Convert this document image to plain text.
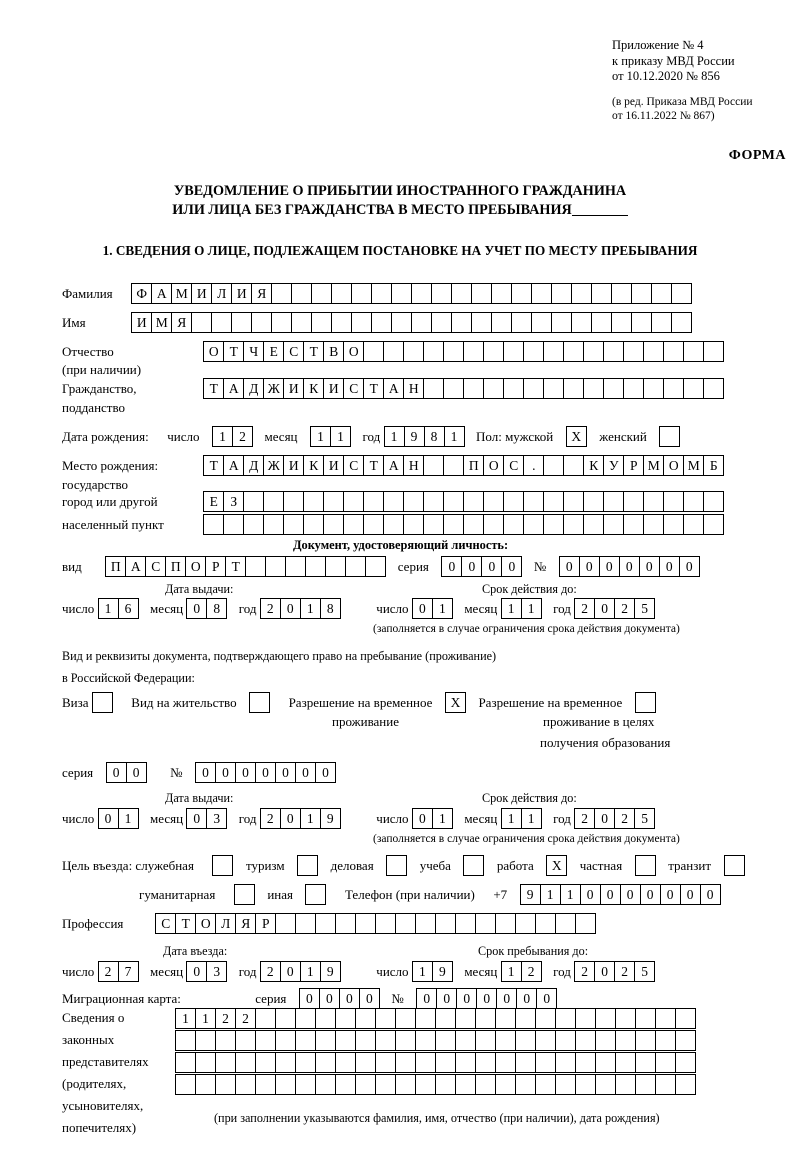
Приложение № 4
к приказу МВД России
от 10.12.2020 № 856
(в ред. Приказа МВД России
от 16.11.2022 № 867)
ФОРМА
УВЕДОМЛЕНИЕ О ПРИБЫТИИ ИНОСТРАННОГО ГРАЖДАНИНА
ИЛИ ЛИЦА БЕЗ ГРАЖДАНСТВА В МЕСТО ПРЕБЫВАНИЯ
1. СВЕДЕНИЯ О ЛИЦЕ, ПОДЛЕЖАЩЕМ ПОСТАНОВКЕ НА УЧЕТ ПО МЕСТУ ПРЕБЫВАНИЯ
Фамилия Ф А М И Л И Я
Имя	И М Я
Отчество	О Т Ч Е С Т В О
(при наличии)
Гражданство,	Т А Д Ж И К И С Т А Н
подданство
Дата рождения: число 1 2 месяц 1 1 год 1 9 8 1 Пол: мужской Х женский
Место рождения:	Т А Д Ж И К И С Т А Н	П О С .	К У Р М О М Б
государство
город или другой	Е З
населенный пункт
Документ, удостоверяющий личность:
вид П А С П О Р Т	серия 0 0 0 0 № 0 0 0 0 0 0 0
Дата выдачи:	Срок действия до:
число 1 6 месяц 0 8 год 2 0 1 8	число 0 1 месяц 1 1 год 2 0 2 5
(заполняется в случае ограничения срока действия документа)
Вид и реквизиты документа, подтверждающего право на пребывание (проживание)
в Российской Федерации:
Виза	Вид на жительство	Разрешение на временное Х Разрешение на временное
проживание	проживание в целях
получения образования
серия 0 0 № 0 0 0 0 0 0 0
Дата выдачи:	Срок действия до:
число 0 1 месяц 0 3 год 2 0 1 9	число 0 1 месяц 1 1 год 2 0 2 5
(заполняется в случае ограничения срока действия документа)
Цель въезда: служебная	туризм	деловая	учеба	работа Х частная	транзит
гуманитарная	иная	Телефон (при наличии) +7 9 1 1 0 0 0 0 0 0 0
Профессия	С Т О Л Я Р
Дата въезда:	Срок пребывания до:
число 2 7 месяц 0 3 год 2 0 1 9	число 1 9 месяц 1 2 год 2 0 2 5
Миграционная карта:	серия 0 0 0 0 № 0 0 0 0 0 0 0
Сведения о
законных
представителях
(родителях,
усыновителях,
попечителях)
1 1 2 2
(при заполнении указываются фамилия, имя, отчество (при наличии), дата рождения)
